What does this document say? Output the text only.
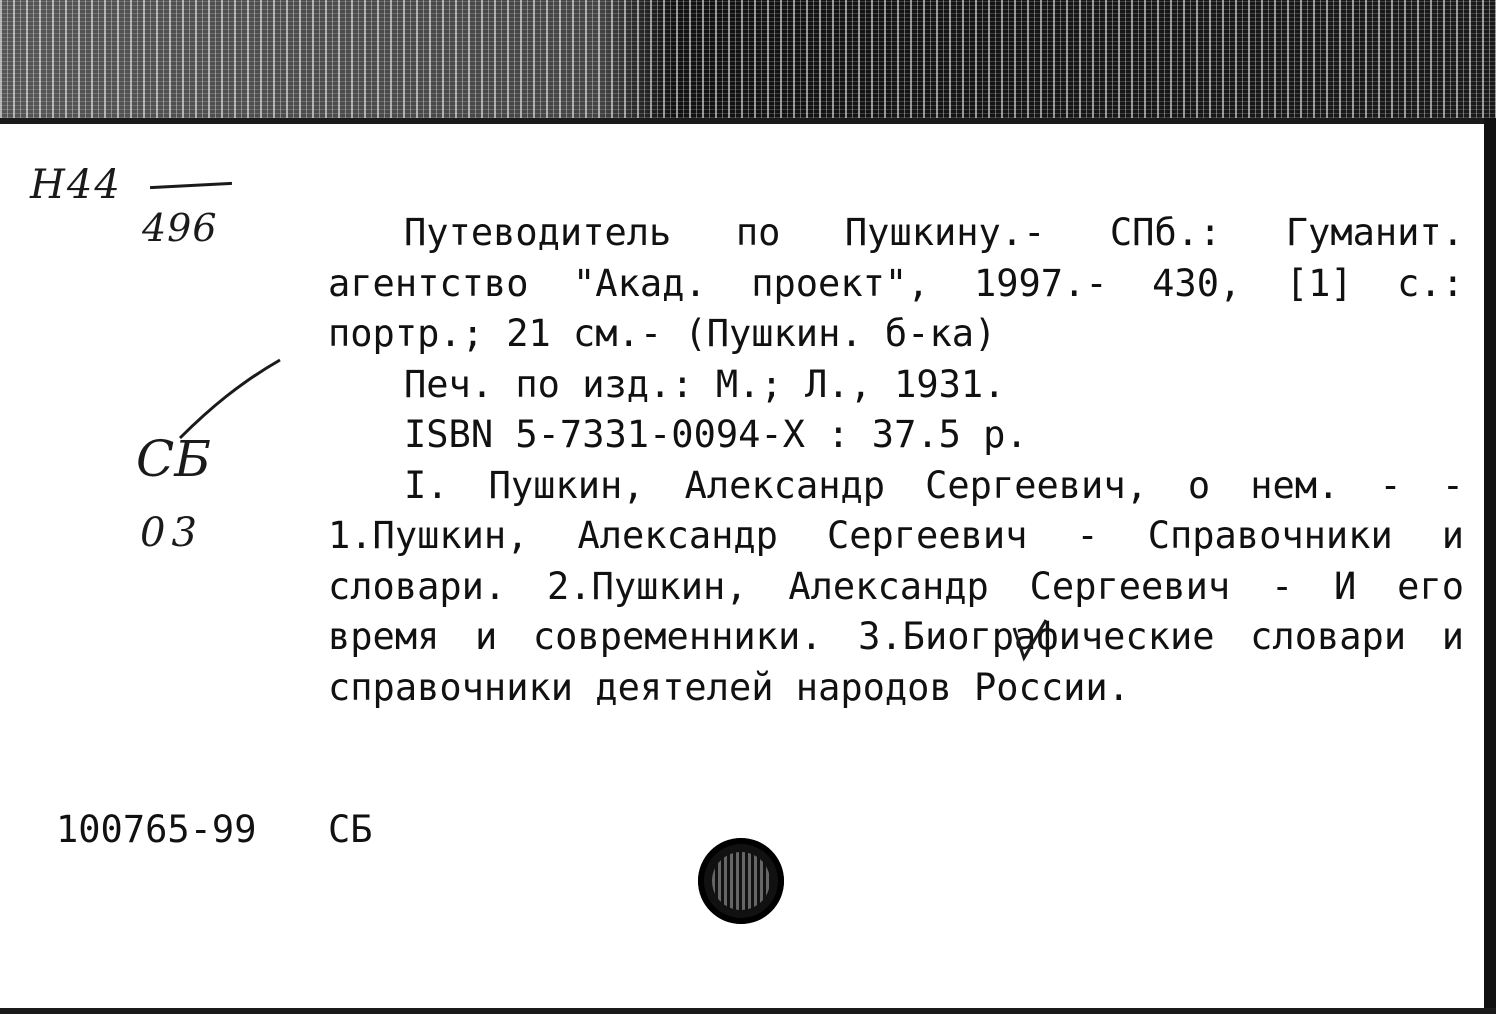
Н44
496
СБ
03

Путеводитель по Пушкину.- СПб.: Гуманит. агентство "Акад. проект", 1997.- 430, [1] с.: портр.; 21 см.- (Пушкин. б-ка)

Печ. по изд.: М.; Л., 1931.

ISBN 5-7331-0094-X : 37.5 р.

I. Пушкин, Александр Сергеевич, о нем. - - 1.Пушкин, Александр Сергеевич - Справочники и словари. 2.Пушкин, Александр Сергеевич - И его время и современники. 3.Биографические словари и справочники деятелей народов России.

100765-99 СБ
